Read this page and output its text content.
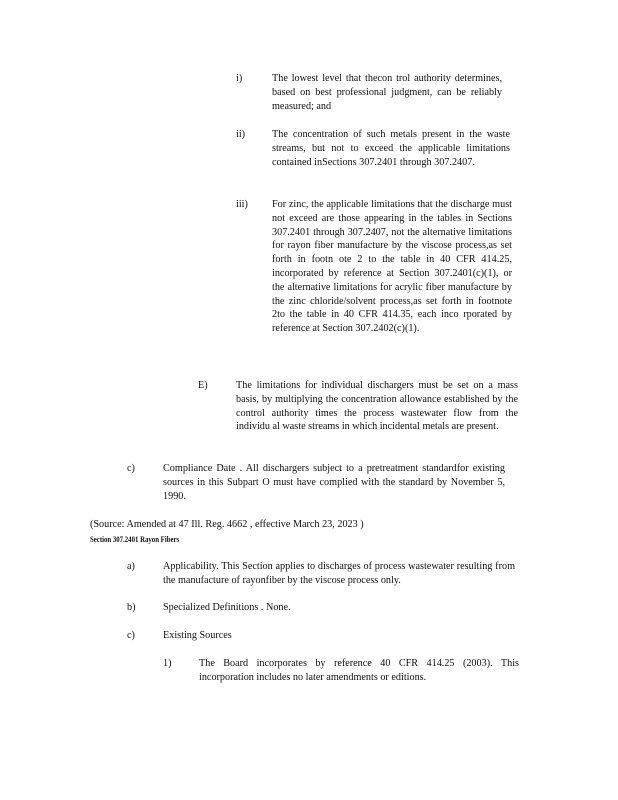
i)	The lowest level that thecon trol authority determines, based on best professional judgment, can be reliably measured; and
ii)	The concentration of such metals present in the waste streams, but not to exceed the applicable limitations contained inSections 307.2401 through 307.2407.
iii) For zinc, the applicable limitations that the discharge must not exceed are those appearing in the tables in Sections 307.2401 through 307.2407, not the alternative limitations for rayon fiber manufacture by the viscose process,as set forth in footn ote 2 to the table in 40 CFR 414.25, incorporated by reference at Section 307.2401(c)(1), or the alternative limitations for acrylic fiber manufacture by the zinc chloride/solvent process,as set forth in footnote 2to the table in 40 CFR 414.35, each inco rporated by reference at Section 307.2402(c)(1).
E)	The limitations for individual dischargers must be set on a mass basis, by multiplying the concentration allowance established by the control authority times the process wastewater flow from the individu al waste streams in which incidental metals are present.
c)	Compliance Date . All dischargers subject to a pretreatment standardfor existing sources in this Subpart O must have complied with the standard by November 5, 1990.
(Source: Amended at 47 Ill. Reg. 4662 , effective March 23, 2023 )
Section 307.2401 Rayon Fibers
a)	Applicability. This Section applies to discharges of process wastewater resulting from the manufacture of rayonfiber by the viscose process only.
b)	Specialized Definitions . None.
c)	Existing Sources
1)	The Board incorporates by reference 40 CFR 414.25 (2003). This incorporation includes no later amendments or editions.
